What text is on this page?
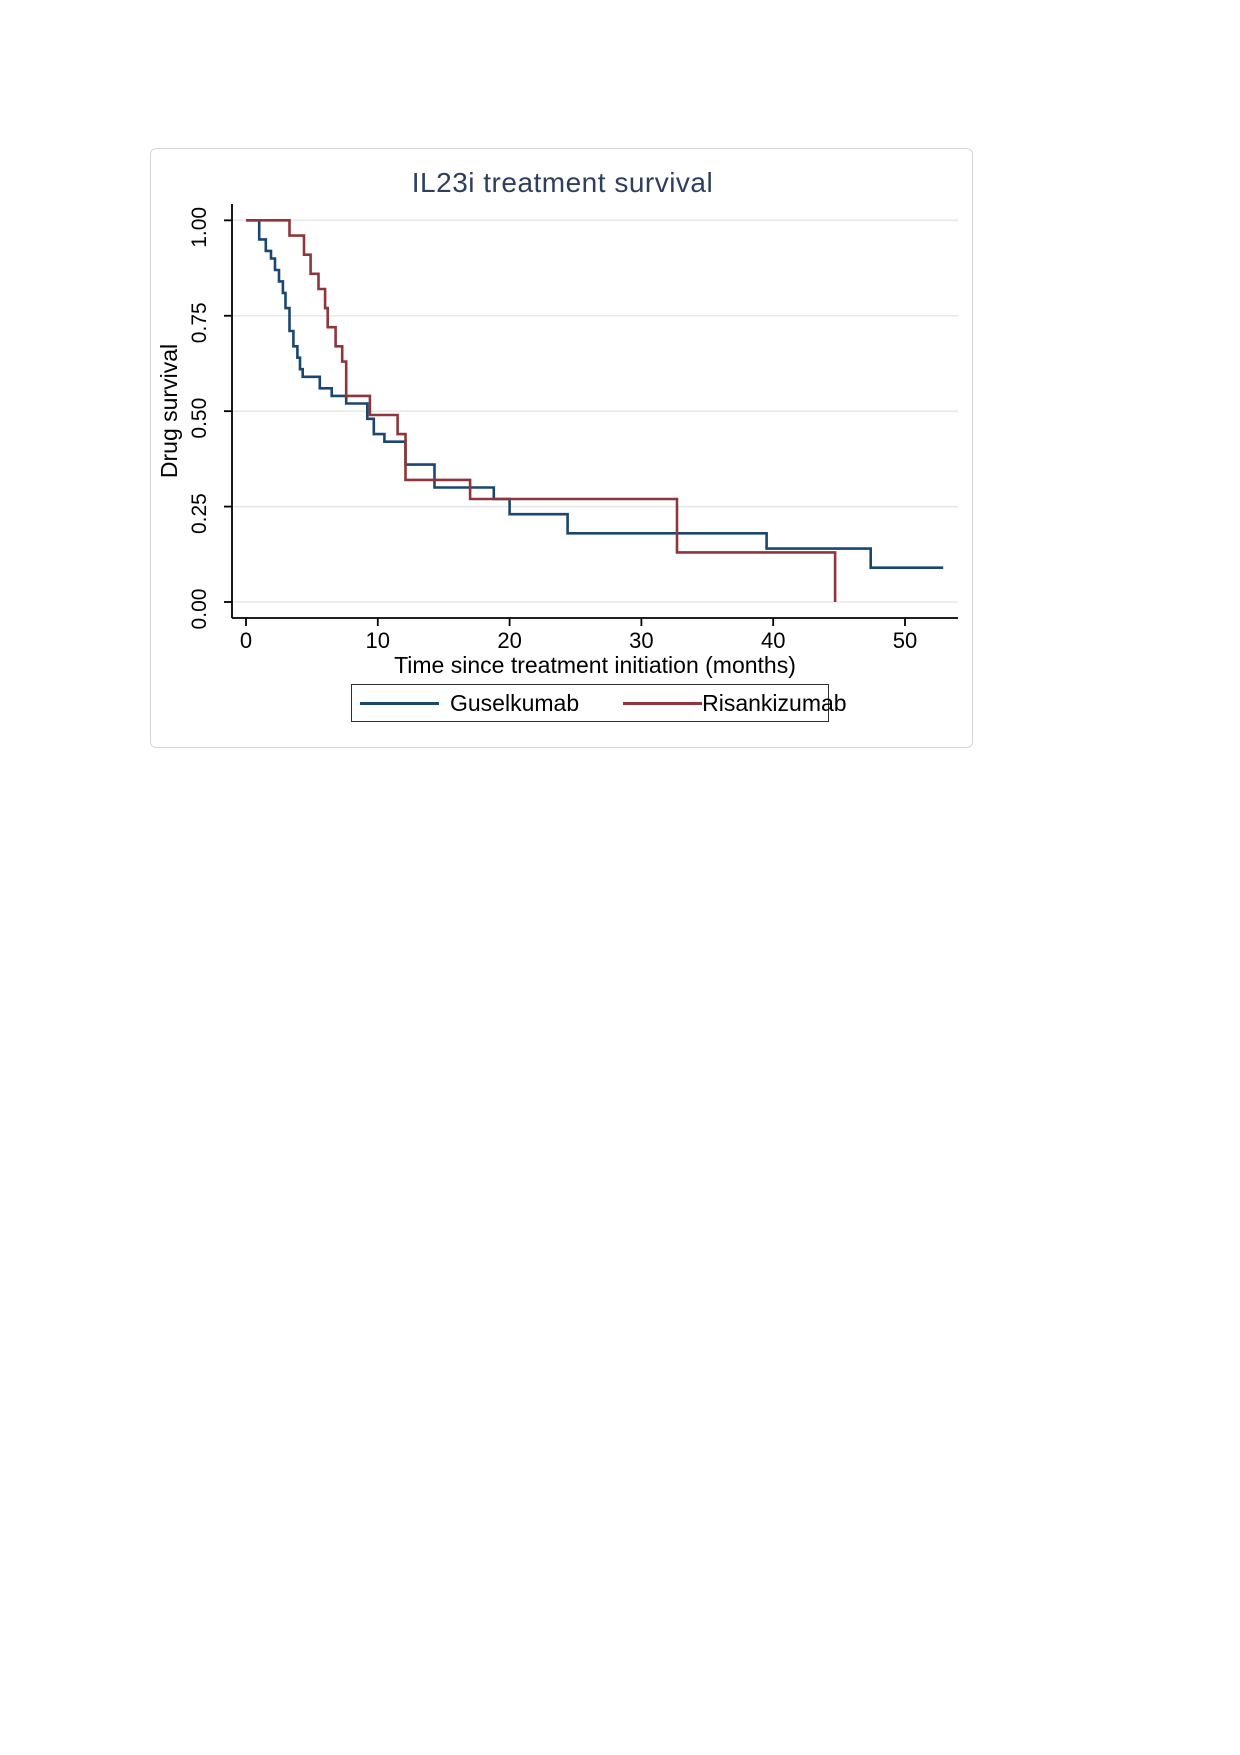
0.00
0.25
0.50
0.75
1.00
0	10	20	30	40	50
Drug survival
Time since treatment initiation (months)
IL23i treatment survival
Guselkumab	Risankizumab
